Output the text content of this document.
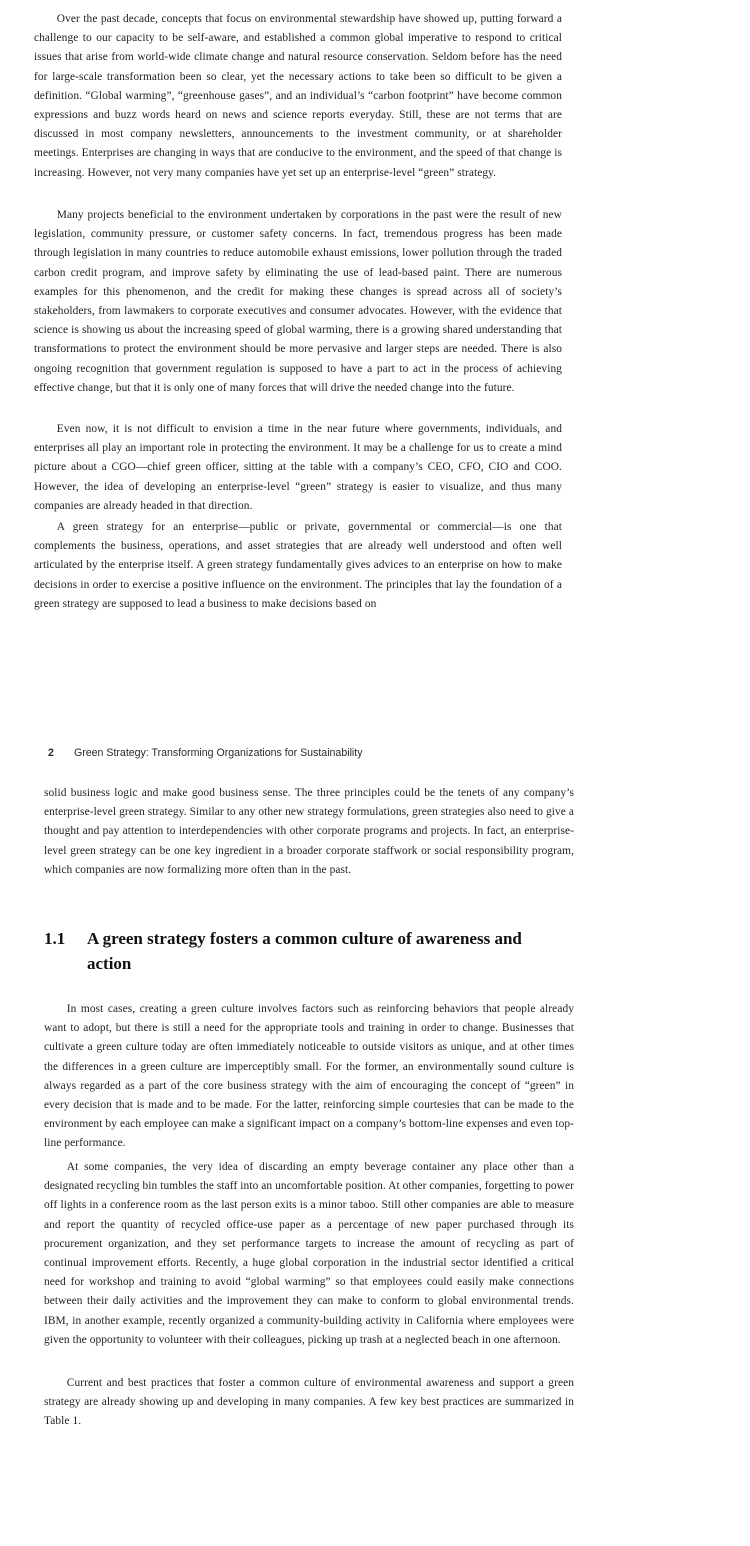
Over the past decade, concepts that focus on environmental stewardship have showed up, putting forward a challenge to our capacity to be self-aware, and established a common global imperative to respond to critical issues that arise from world-wide climate change and natural resource conservation. Seldom before has the need for large-scale transformation been so clear, yet the necessary actions to take been so difficult to be given a definition. “Global warming”, “greenhouse gases”, and an individual’s “carbon footprint” have become common expressions and buzz words heard on news and science reports everyday. Still, these are not terms that are discussed in most company newsletters, announcements to the investment community, or at shareholder meetings. Enterprises are changing in ways that are conducive to the environment, and the speed of that change is increasing. However, not very many companies have yet set up an enterprise-level “green” strategy.

Many projects beneficial to the environment undertaken by corporations in the past were the result of new legislation, community pressure, or customer safety concerns. In fact, tremendous progress has been made through legislation in many countries to reduce automobile exhaust emissions, lower pollution through the traded carbon credit program, and improve safety by eliminating the use of lead-based paint. There are numerous examples for this phenomenon, and the credit for making these changes is spread across all of society’s stakeholders, from lawmakers to corporate executives and consumer advocates. However, with the evidence that science is showing us about the increasing speed of global warming, there is a growing shared understanding that transformations to protect the environment should be more pervasive and larger steps are needed. There is also ongoing recognition that government regulation is supposed to have a part to act in the process of achieving effective change, but that it is only one of many forces that will drive the needed change into the future.

Even now, it is not difficult to envision a time in the near future where governments, individuals, and enterprises all play an important role in protecting the environment. It may be a challenge for us to create a mind picture about a CGO—chief green officer, sitting at the table with a company’s CEO, CFO, CIO and COO. However, the idea of developing an enterprise-level “green” strategy is easier to visualize, and thus many companies are already headed in that direction.

A green strategy for an enterprise—public or private, governmental or commercial—is one that complements the business, operations, and asset strategies that are already well understood and often well articulated by the enterprise itself. A green strategy fundamentally gives advices to an enterprise on how to make decisions in order to exercise a positive influence on the environment. The principles that lay the foundation of a green strategy are supposed to lead a business to make decisions based on

2 Green Strategy: Transforming Organizations for Sustainability

solid business logic and make good business sense. The three principles could be the tenets of any company’s enterprise-level green strategy. Similar to any other new strategy formulations, green strategies also need to give a thought and pay attention to interdependencies with other corporate programs and projects. In fact, an enterprise-level green strategy can be one key ingredient in a broader corporate staffwork or social responsibility program, which companies are now formalizing more often than in the past.

1.1	A green strategy fosters a common culture of awareness and action

In most cases, creating a green culture involves factors such as reinforcing behaviors that people already want to adopt, but there is still a need for the appropriate tools and training in order to change. Businesses that cultivate a green culture today are often immediately noticeable to outside visitors as unique, and at other times the differences in a green culture are imperceptibly small. For the former, an environmentally sound culture is always regarded as a part of the core business strategy with the aim of encouraging the concept of “green” in every decision that is made and to be made. For the latter, reinforcing simple courtesies that can be made to the environment by each employee can make a significant impact on a company’s bottom-line expenses and even top-line performance.

At some companies, the very idea of discarding an empty beverage container any place other than a designated recycling bin tumbles the staff into an uncomfortable position. At other companies, forgetting to power off lights in a conference room as the last person exits is a minor taboo. Still other companies are able to measure and report the quantity of recycled office-use paper as a percentage of new paper purchased through its procurement organization, and they set performance targets to increase the amount of recycling as part of continual improvement efforts. Recently, a huge global corporation in the industrial sector identified a critical need for workshop and training to avoid “global warming” so that employees could easily make connections between their daily activities and the improvement they can make to conform to global environmental trends. IBM, in another example, recently organized a community-building activity in California where employees were given the opportunity to volunteer with their colleagues, picking up trash at a neglected beach in one afternoon.

Current and best practices that foster a common culture of environmental awareness and support a green strategy are already showing up and developing in many companies. A few key best practices are summarized in Table 1.
